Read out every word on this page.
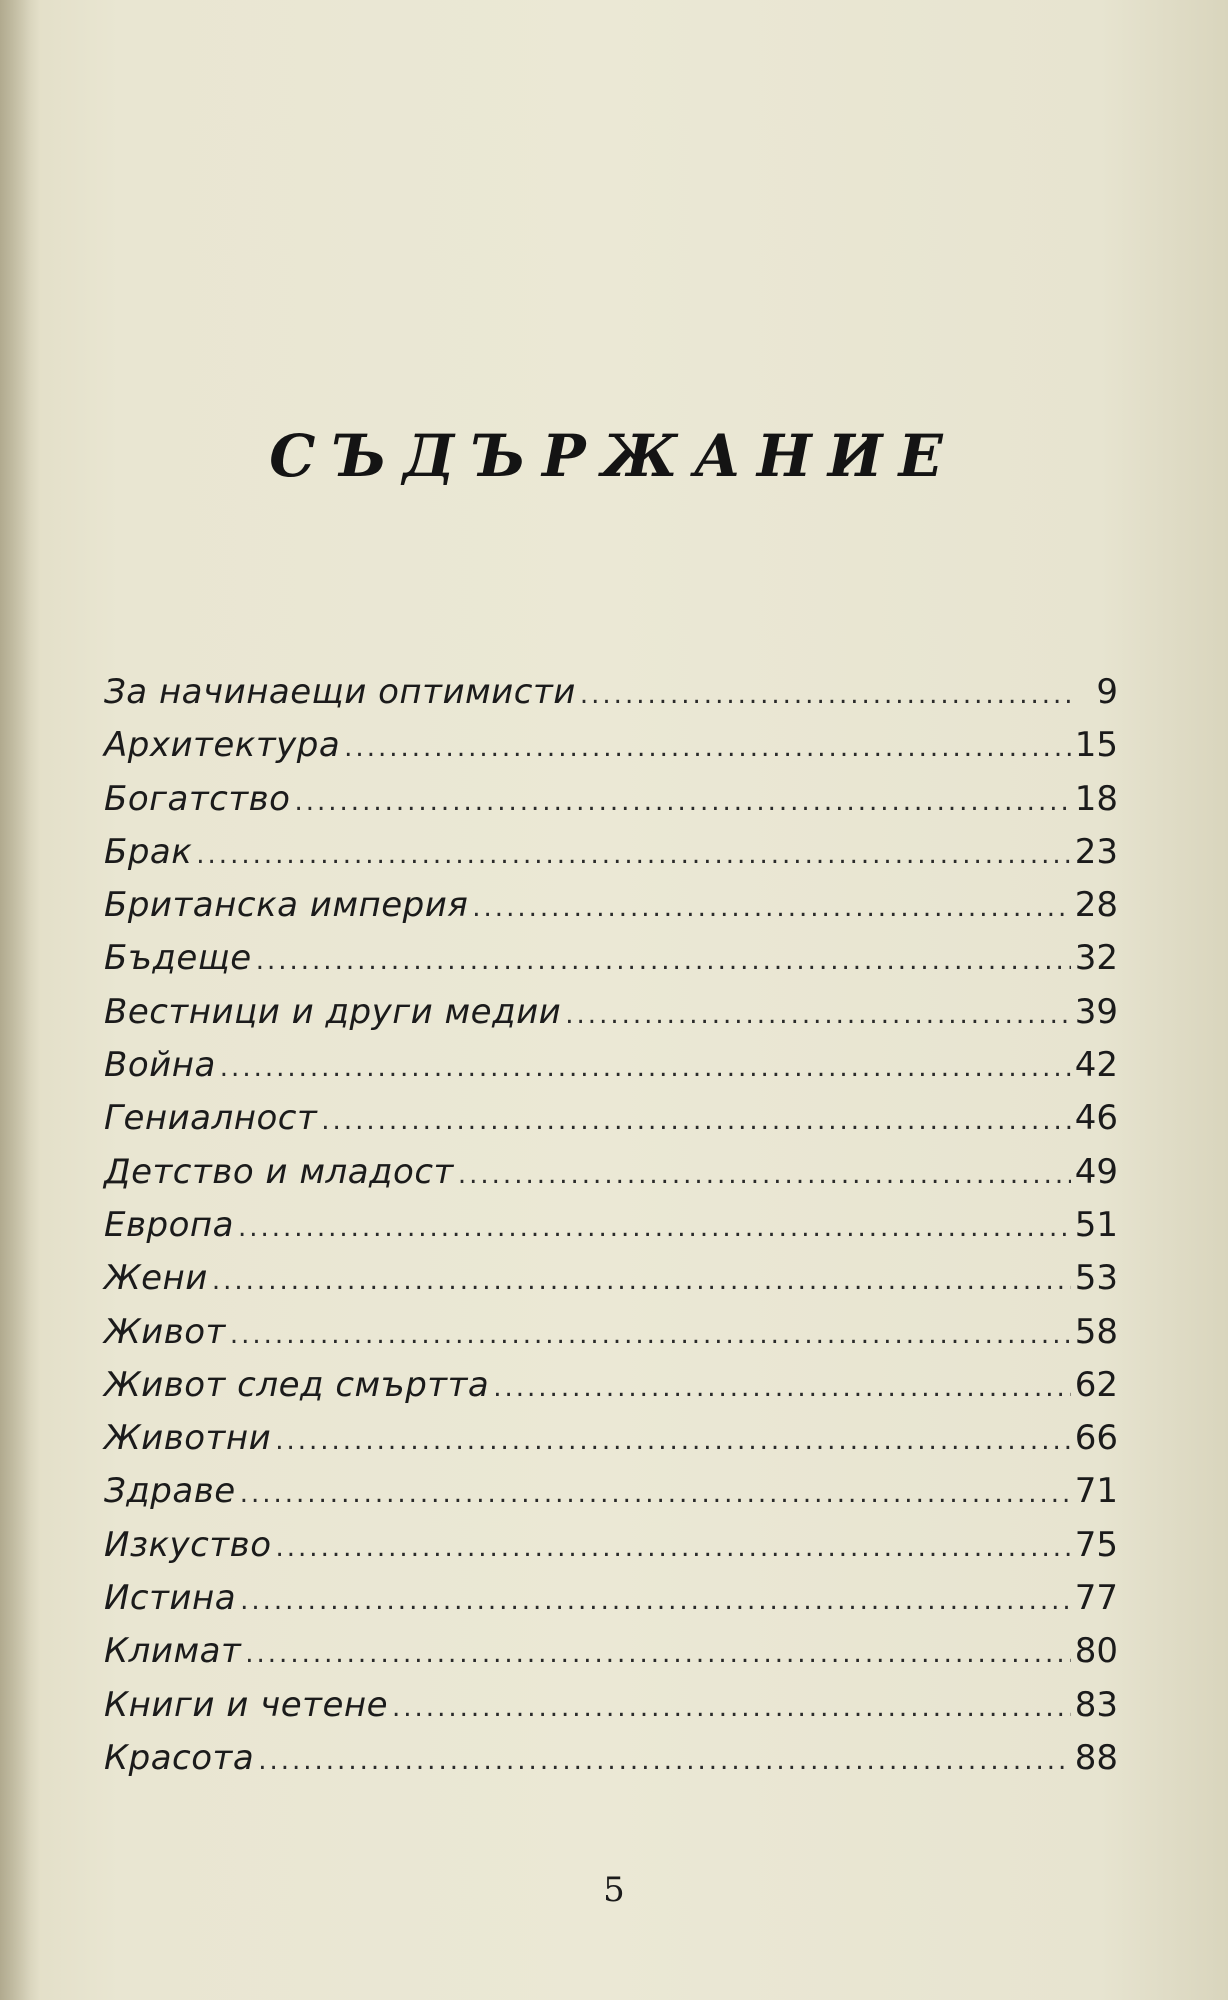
СЪДЪРЖАНИЕ
За начинаещи оптимисти .....	9
Архитектура .....	15
Богатство .....	18
Брак .....	23
Британска империя .....	28
Бъдеще .....	32
Вестници и други медии .....	39
Война .....	42
Гениалност .....	46
Детство и младост .....	49
Европа .....	51
Жени .....	53
Живот .....	58
Живот след смъртта .....	62
Животни .....	66
Здраве .....	71
Изкуство .....	75
Истина .....	77
Климат .....	80
Книги и четене .....	83
Красота .....	88
5
